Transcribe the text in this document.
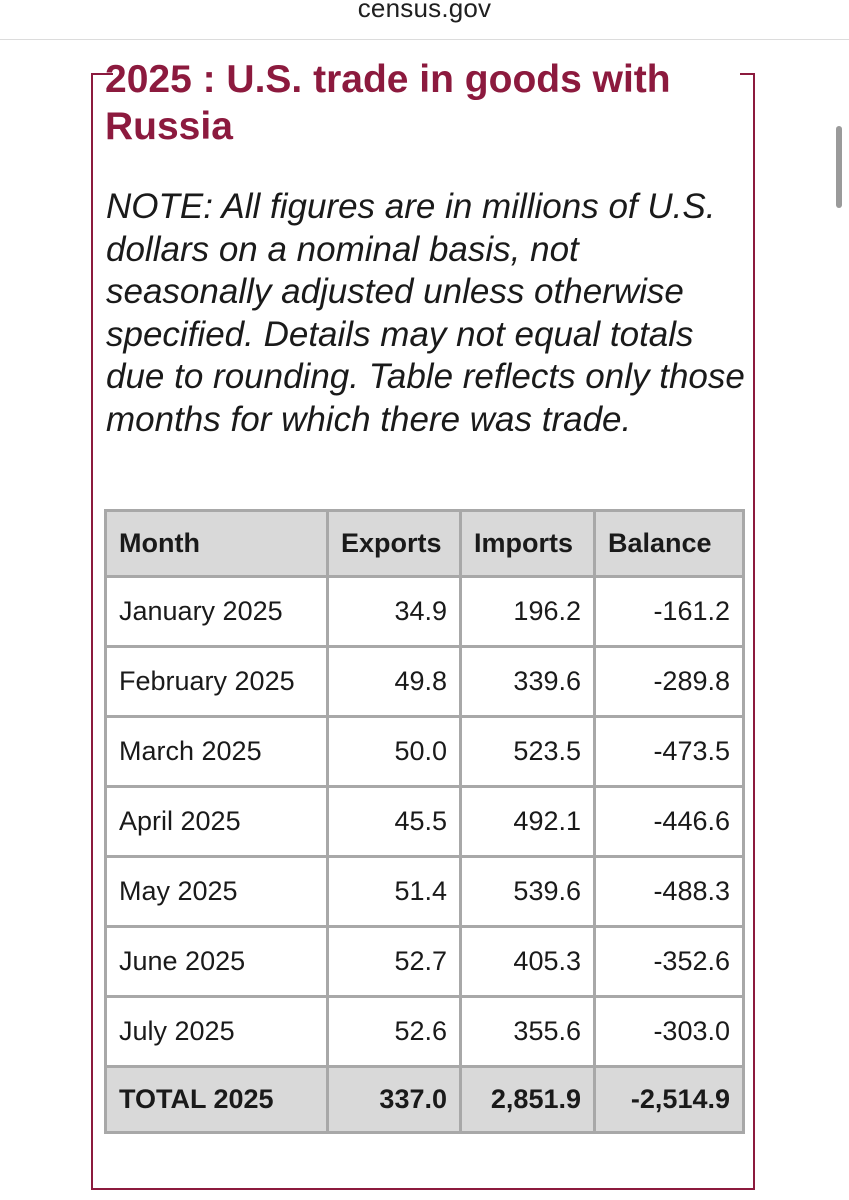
census.gov
2025 : U.S. trade in goods with Russia

NOTE: All figures are in millions of U.S. dollars on a nominal basis, not seasonally adjusted unless otherwise specified. Details may not equal totals due to rounding. Table reflects only those months for which there was trade.

Month	Exports	Imports	Balance
January 2025	34.9	196.2	-161.2
February 2025	49.8	339.6	-289.8
March 2025	50.0	523.5	-473.5
April 2025	45.5	492.1	-446.6
May 2025	51.4	539.6	-488.3
June 2025	52.7	405.3	-352.6
July 2025	52.6	355.6	-303.0
TOTAL 2025	337.0	2,851.9	-2,514.9
